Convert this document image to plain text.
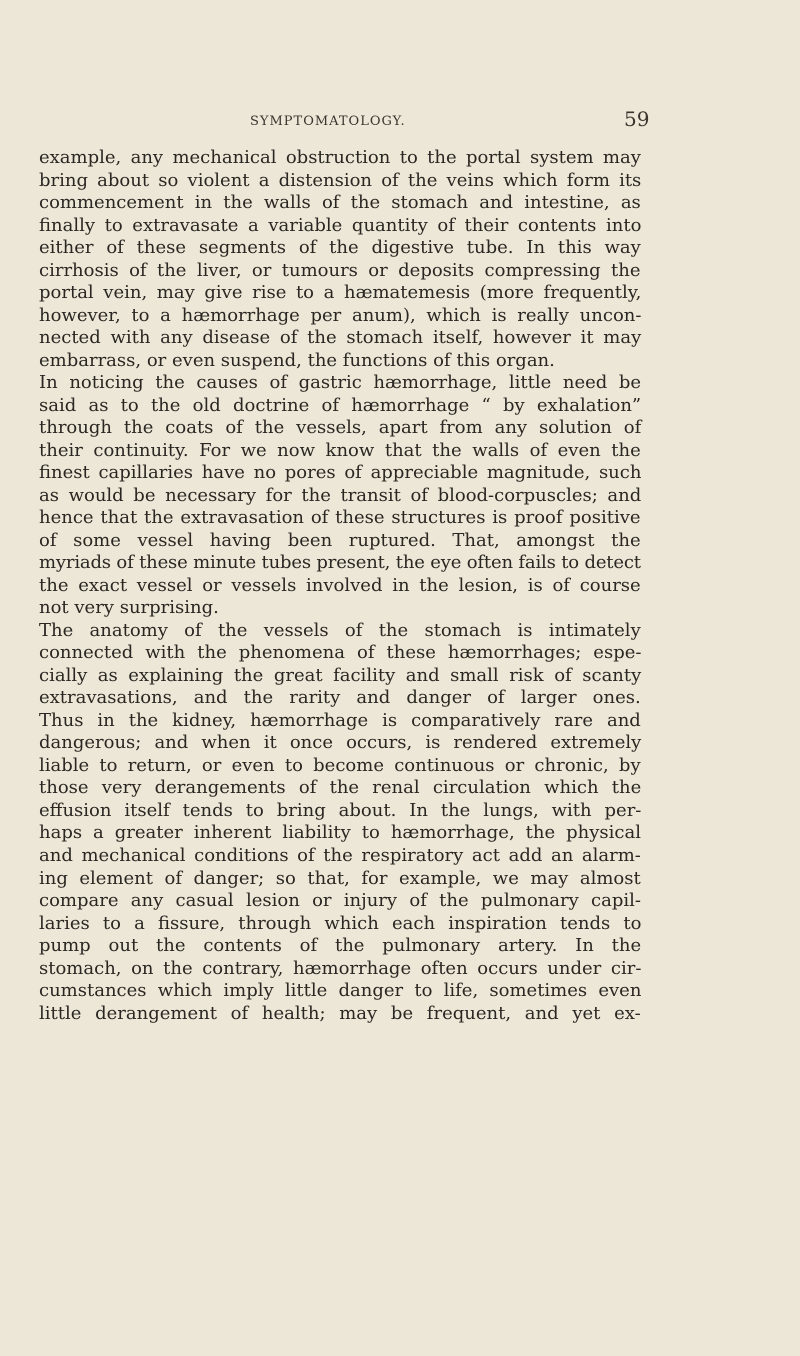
SYMPTOMATOLOGY.	59
example, any mechanical obstruction to the portal system may
bring about so violent a distension of the veins which form its
commencement in the walls of the stomach and intestine, as
finally to extravasate a variable quantity of their contents into
either of these segments of the digestive tube. In this way
cirrhosis of the liver, or tumours or deposits compressing the
portal vein, may give rise to a hæmatemesis (more frequently,
however, to a hæmorrhage per anum), which is really uncon-
nected with any disease of the stomach itself, however it may
embarrass, or even suspend, the functions of this organ.
In noticing the causes of gastric hæmorrhage, little need be
said as to the old doctrine of hæmorrhage “ by exhalation”
through the coats of the vessels, apart from any solution of
their continuity. For we now know that the walls of even the
finest capillaries have no pores of appreciable magnitude, such
as would be necessary for the transit of blood-corpuscles; and
hence that the extravasation of these structures is proof positive
of some vessel having been ruptured. That, amongst the
myriads of these minute tubes present, the eye often fails to detect
the exact vessel or vessels involved in the lesion, is of course
not very surprising.
The anatomy of the vessels of the stomach is intimately
connected with the phenomena of these hæmorrhages; espe-
cially as explaining the great facility and small risk of scanty
extravasations, and the rarity and danger of larger ones.
Thus in the kidney, hæmorrhage is comparatively rare and
dangerous; and when it once occurs, is rendered extremely
liable to return, or even to become continuous or chronic, by
those very derangements of the renal circulation which the
effusion itself tends to bring about. In the lungs, with per-
haps a greater inherent liability to hæmorrhage, the physical
and mechanical conditions of the respiratory act add an alarm-
ing element of danger; so that, for example, we may almost
compare any casual lesion or injury of the pulmonary capil-
laries to a fissure, through which each inspiration tends to
pump out the contents of the pulmonary artery. In the
stomach, on the contrary, hæmorrhage often occurs under cir-
cumstances which imply little danger to life, sometimes even
little derangement of health; may be frequent, and yet ex-
